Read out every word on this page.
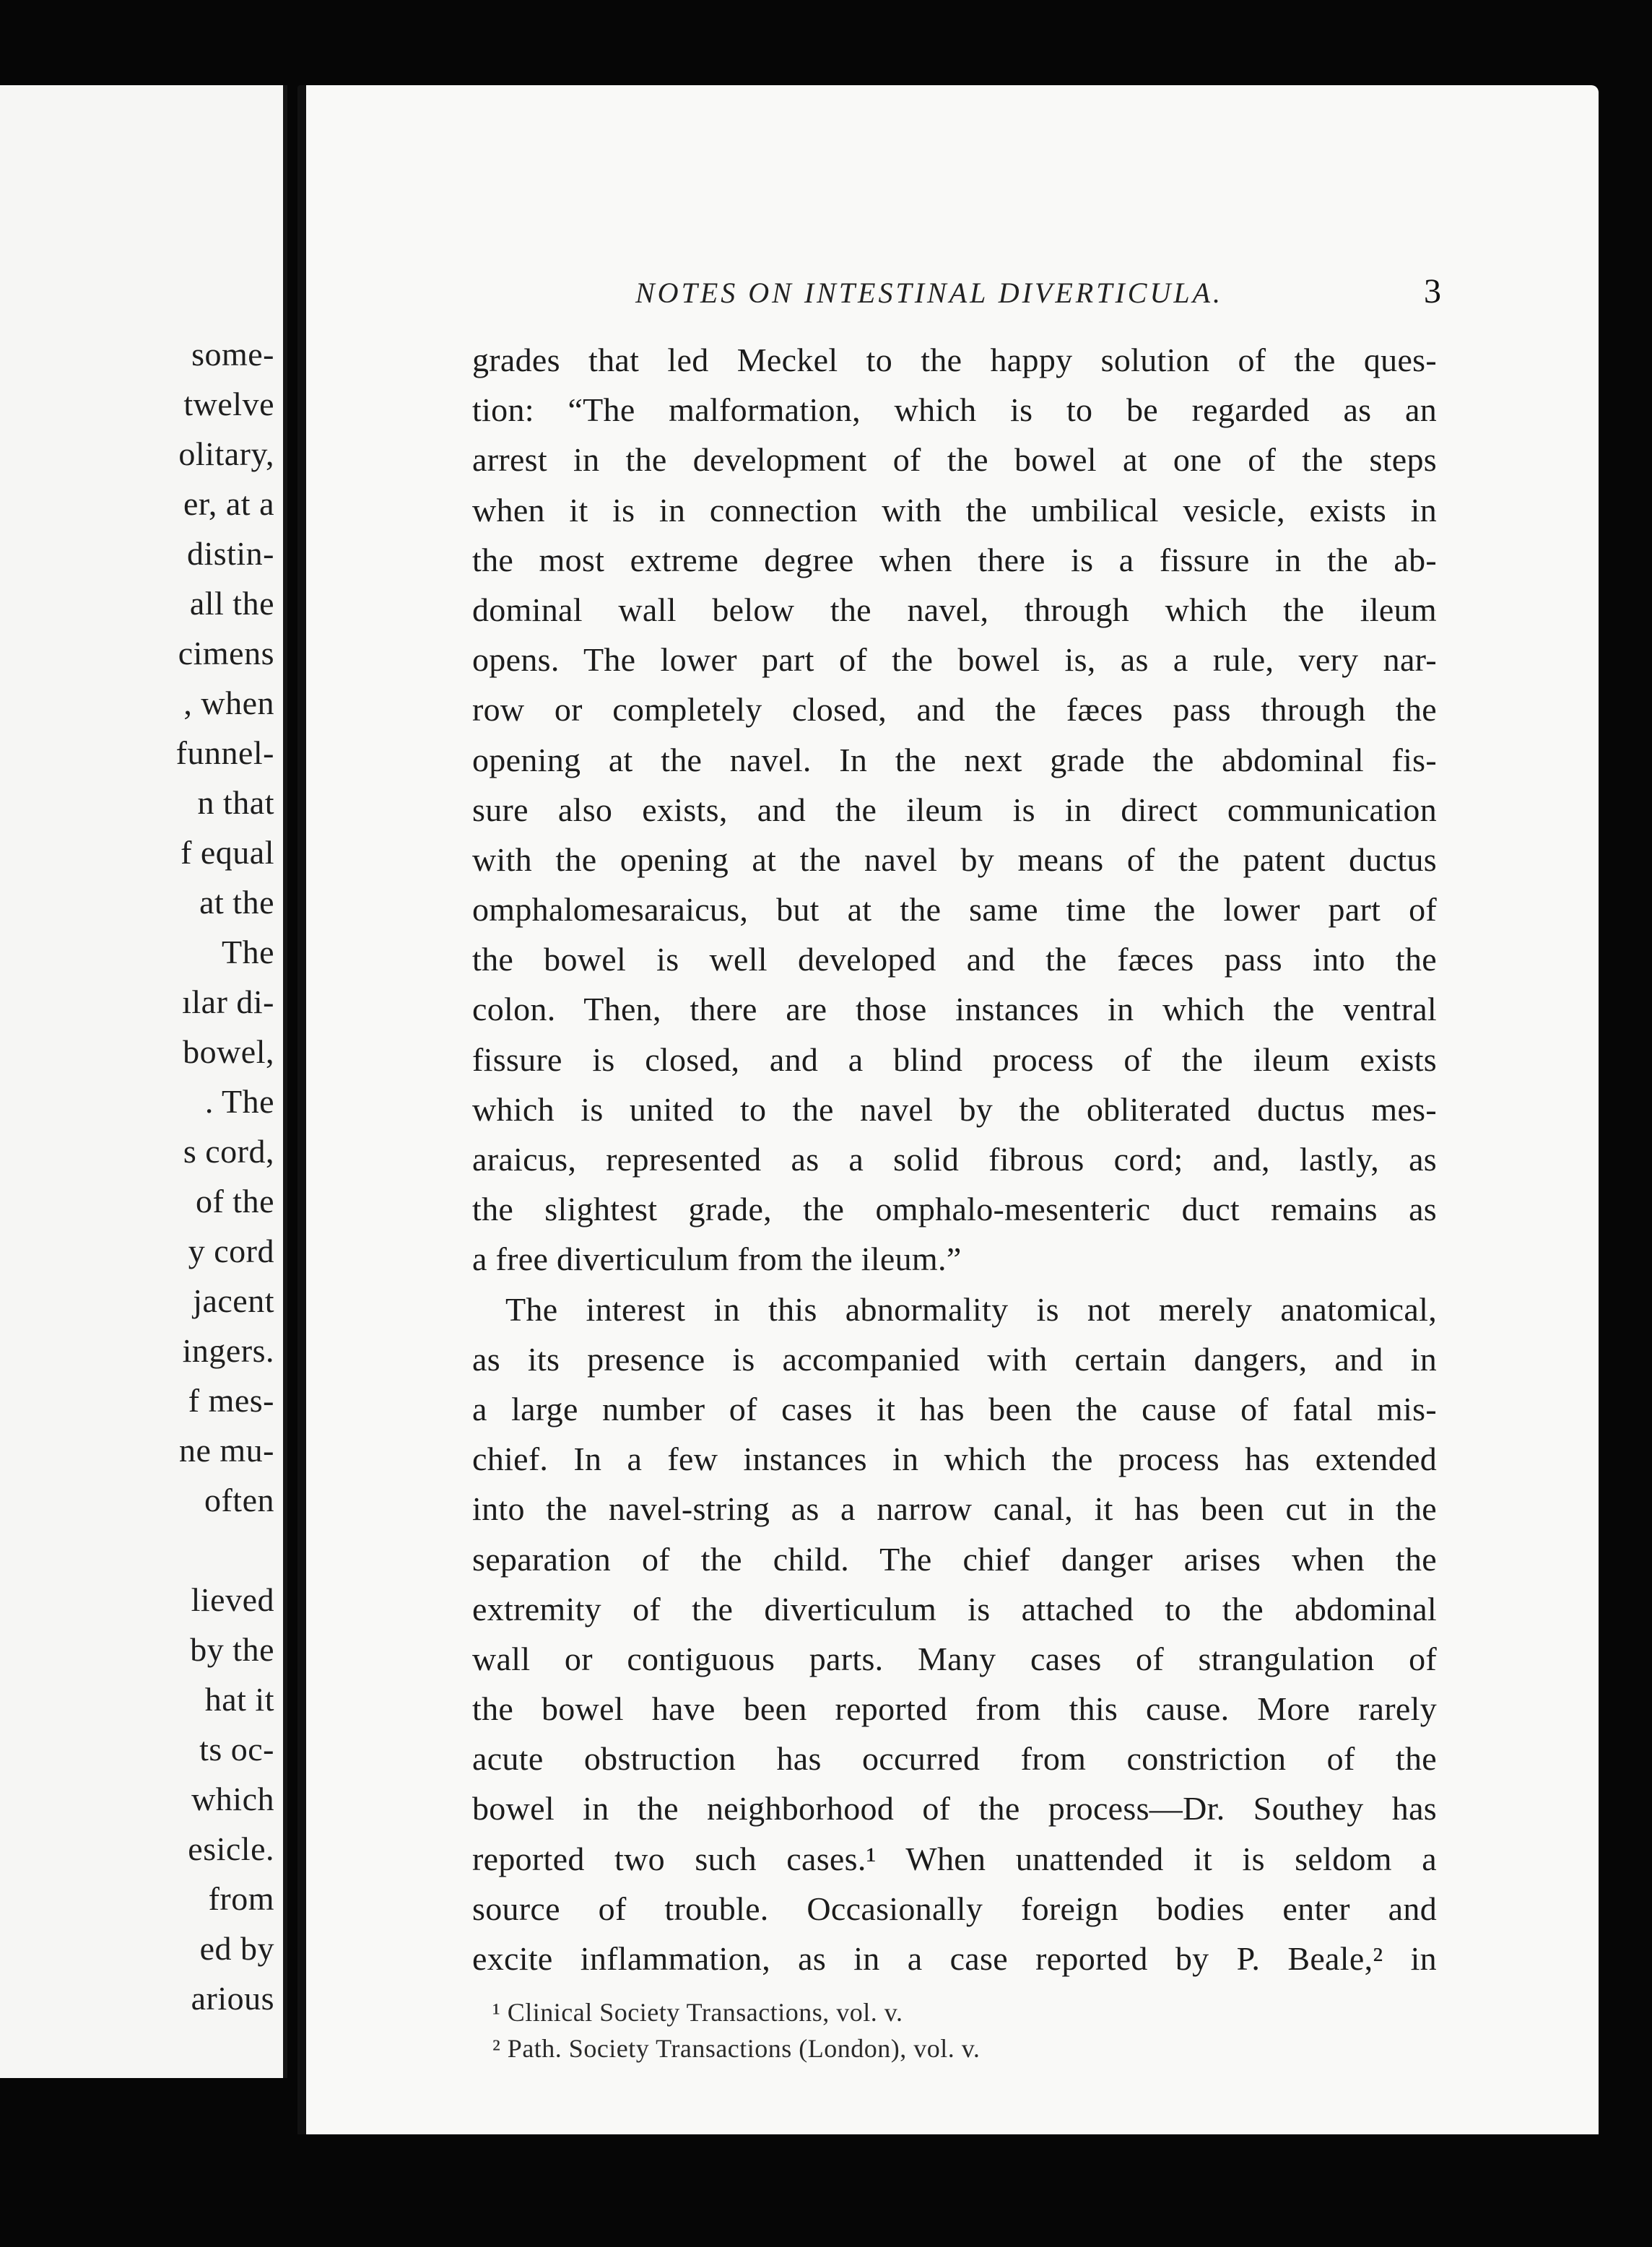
some-
twelve
olitary,
er, at a
distin-
all the
cimens
, when
funnel-
n that
f equal
at the
The
ılar di-
bowel,
. The
s cord,
of the
y cord
jacent
ingers.
f mes-
ne mu-
often
lieved
by the
hat it
ts oc-
which
esicle.
from
ed by
arious
NOTES ON INTESTINAL DIVERTICULA.	3
grades that led Meckel to the happy solution of the ques-
tion: “The malformation, which is to be regarded as an
arrest in the development of the bowel at one of the steps
when it is in connection with the umbilical vesicle, exists in
the most extreme degree when there is a fissure in the ab-
dominal wall below the navel, through which the ileum
opens. The lower part of the bowel is, as a rule, very nar-
row or completely closed, and the fæces pass through the
opening at the navel. In the next grade the abdominal fis-
sure also exists, and the ileum is in direct communication
with the opening at the navel by means of the patent ductus
omphalomesaraicus, but at the same time the lower part of
the bowel is well developed and the fæces pass into the
colon. Then, there are those instances in which the ventral
fissure is closed, and a blind process of the ileum exists
which is united to the navel by the obliterated ductus mes-
araicus, represented as a solid fibrous cord; and, lastly, as
the slightest grade, the omphalo-mesenteric duct remains as
a free diverticulum from the ileum.”
The interest in this abnormality is not merely anatomical,
as its presence is accompanied with certain dangers, and in
a large number of cases it has been the cause of fatal mis-
chief. In a few instances in which the process has extended
into the navel-string as a narrow canal, it has been cut in the
separation of the child. The chief danger arises when the
extremity of the diverticulum is attached to the abdominal
wall or contiguous parts. Many cases of strangulation of
the bowel have been reported from this cause. More rarely
acute obstruction has occurred from constriction of the
bowel in the neighborhood of the process—Dr. Southey has
reported two such cases.¹ When unattended it is seldom a
source of trouble. Occasionally foreign bodies enter and
excite inflammation, as in a case reported by P. Beale,² in
¹ Clinical Society Transactions, vol. v.
² Path. Society Transactions (London), vol. v.
